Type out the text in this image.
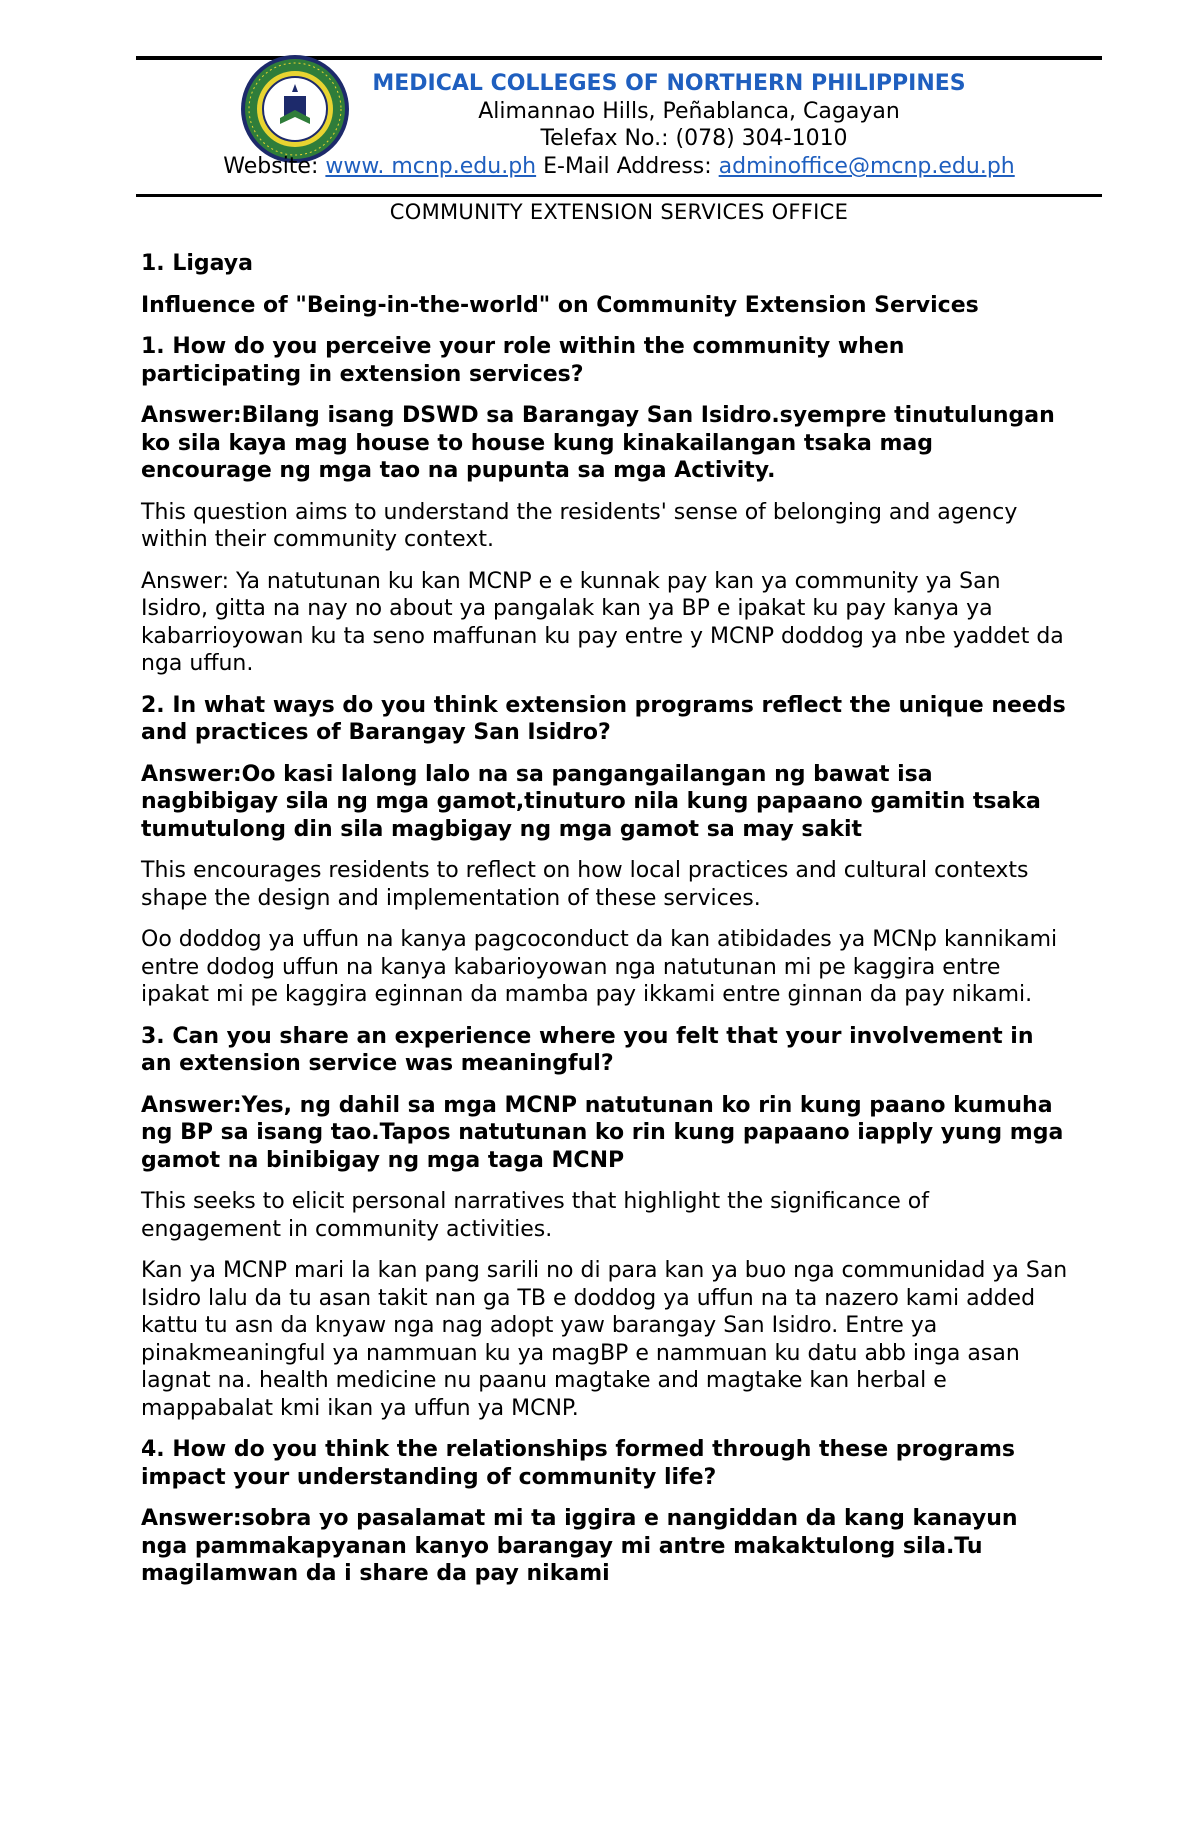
MEDICAL COLLEGES OF NORTHERN PHILIPPINES
Alimannao Hills, Peñablanca, Cagayan
Telefax No.: (078) 304-1010
Website: www. mcnp.edu.ph E-Mail Address: adminoffice@mcnp.edu.ph
COMMUNITY EXTENSION SERVICES OFFICE

1. Ligaya

Influence of "Being-in-the-world" on Community Extension Services

1. How do you perceive your role within the community when participating in extension services?

Answer:Bilang isang DSWD sa Barangay San Isidro.syempre tinutulungan ko sila kaya mag house to house kung kinakailangan tsaka mag encourage ng mga tao na pupunta sa mga Activity.

This question aims to understand the residents' sense of belonging and agency within their community context.

Answer: Ya natutunan ku kan MCNP e e kunnak pay kan ya community ya San Isidro, gitta na nay no about ya pangalak kan ya BP e ipakat ku pay kanya ya kabarrioyowan ku ta seno maffunan ku pay entre y MCNP doddog ya nbe yaddet da nga uffun.

2. In what ways do you think extension programs reflect the unique needs and practices of Barangay San Isidro?

Answer:Oo kasi lalong lalo na sa pangangailangan ng bawat isa nagbibigay sila ng mga gamot,tinuturo nila kung papaano gamitin tsaka tumutulong din sila magbigay ng mga gamot sa may sakit

This encourages residents to reflect on how local practices and cultural contexts shape the design and implementation of these services.

Oo doddog ya uffun na kanya pagcoconduct da kan atibidades ya MCNp kannikami entre dodog uffun na kanya kabarioyowan nga natutunan mi pe kaggira entre ipakat mi pe kaggira eginnan da mamba pay ikkami entre ginnan da pay nikami.

3. Can you share an experience where you felt that your involvement in an extension service was meaningful?

Answer:Yes, ng dahil sa mga MCNP natutunan ko rin kung paano kumuha ng BP sa isang tao.Tapos natutunan ko rin kung papaano iapply yung mga gamot na binibigay ng mga taga MCNP

This seeks to elicit personal narratives that highlight the significance of engagement in community activities.

Kan ya MCNP mari la kan pang sarili no di para kan ya buo nga communidad ya San Isidro lalu da tu asan takit nan ga TB e doddog ya uffun na ta nazero kami added kattu tu asn da knyaw nga nag adopt yaw barangay San Isidro. Entre ya pinakmeaningful ya nammuan ku ya magBP e nammuan ku datu abb inga asan lagnat na. health medicine nu paanu magtake and magtake kan herbal e mappabalat kmi ikan ya uffun ya MCNP.

4. How do you think the relationships formed through these programs impact your understanding of community life?

Answer:sobra yo pasalamat mi ta iggira e nangiddan da kang kanayun nga pammakapyanan kanyo barangay mi antre makaktulong sila.Tu magilamwan da i share da pay nikami
